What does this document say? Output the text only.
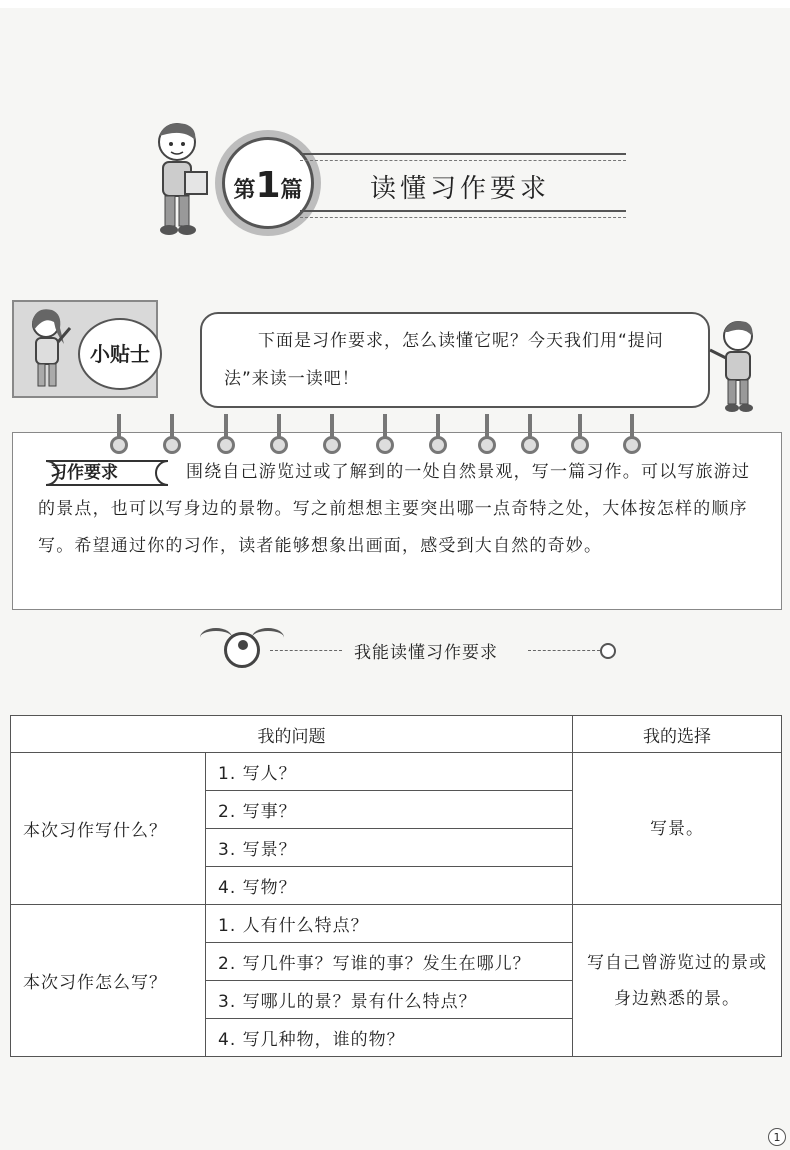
第1篇	读懂习作要求
小贴士
下面是习作要求，怎么读懂它呢？今天我们用“提问法”来读一读吧！
习作要求	围绕自己游览过或了解到的一处自然景观，写一篇习作。可以写旅游过的景点，也可以写身边的景物。写之前想想主要突出哪一点奇特之处，大体按怎样的顺序写。希望通过你的习作，读者能够想象出画面，感受到大自然的奇妙。
我能读懂习作要求
我的问题		我的选择
本次习作写什么？	1. 写人？	写景。
	2. 写事？	
	3. 写景？	
	4. 写物？	
本次习作怎么写？	1. 人有什么特点？	写自己曾游览过的景或身边熟悉的景。
	2. 写几件事？写谁的事？发生在哪儿？	
	3. 写哪儿的景？景有什么特点？	
	4. 写几种物，谁的物？	
1
